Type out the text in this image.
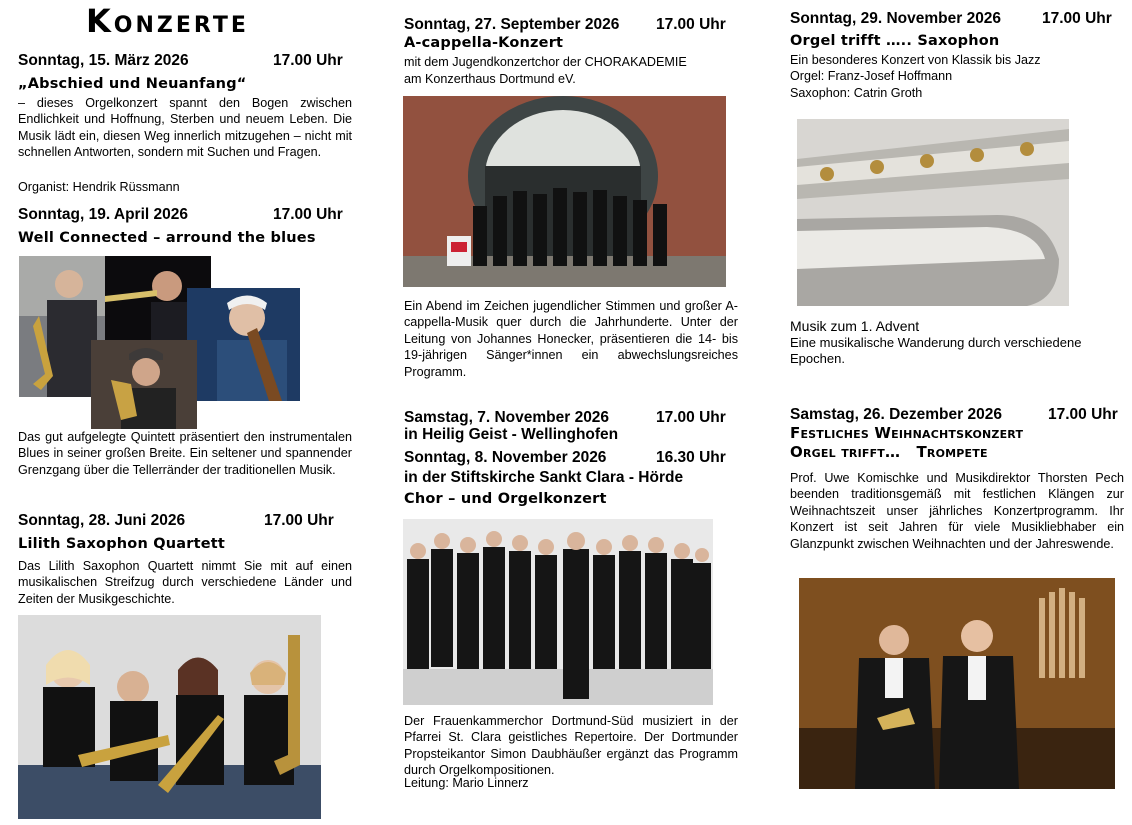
Konzerte
Sonntag, 15. März 2026	17.00 Uhr
„Abschied und Neuanfang“
– dieses Orgelkonzert spannt den Bogen zwischen Endlichkeit und Hoffnung, Sterben und neuem Leben. Die Musik lädt ein, diesen Weg innerlich mitzugehen – nicht mit schnellen Antworten, sondern mit Suchen und Fragen.
Organist: Hendrik Rüssmann
Sonntag, 19. April 2026	17.00 Uhr
Well Connected – arround the blues
Das gut aufgelegte Quintett präsentiert den instrumentalen Blues in seiner großen Breite. Ein seltener und spannender Grenzgang über die Tellerränder der traditionellen Musik.
Sonntag, 28. Juni 2026	17.00 Uhr
Lilith Saxophon Quartett
Das Lilith Saxophon Quartett nimmt Sie mit auf einen musikalischen Streifzug durch verschiedene Länder und Zeiten der Musikgeschichte.
Sonntag, 27. September 2026 17.00 Uhr
A-cappella-Konzert
mit dem Jugendkonzertchor der CHORAKADEMIE
am Konzerthaus Dortmund eV.
Ein Abend im Zeichen jugendlicher Stimmen und großer A-cappella-Musik quer durch die Jahrhunderte. Unter der Leitung von Johannes Honecker, präsentieren die 14- bis 19-jährigen Sänger*innen ein abwechslungsreiches Programm.
Samstag, 7. November 2026	17.00 Uhr
in Heilig Geist - Wellinghofen
Sonntag, 8. November 2026	16.30 Uhr
in der Stiftskirche Sankt Clara - Hörde
Chor – und Orgelkonzert
Der Frauenkammerchor Dortmund-Süd musiziert in der Pfarrei St. Clara geistliches Repertoire. Der Dortmunder Propsteikantor Simon Daubhäußer ergänzt das Programm durch Orgelkompositionen.
Leitung: Mario Linnerz
Sonntag, 29. November 2026	17.00 Uhr
Orgel trifft ….. Saxophon
Ein besonderes Konzert von Klassik bis Jazz
Orgel: Franz-Josef Hoffmann
Saxophon: Catrin Groth
Musik zum 1. Advent
Eine musikalische Wanderung durch verschiedene Epochen.
Samstag, 26. Dezember 2026	17.00 Uhr
Festliches Weihnachtskonzert
Orgel trifft…   Trompete
Prof. Uwe Komischke und Musikdirektor Thorsten Pech beenden traditionsgemäß mit festlichen Klängen zur Weihnachtszeit unser jährliches Konzertprogramm. Ihr Konzert ist seit Jahren für viele Musikliebhaber ein Glanzpunkt zwischen Weihnachten und der Jahreswende.
